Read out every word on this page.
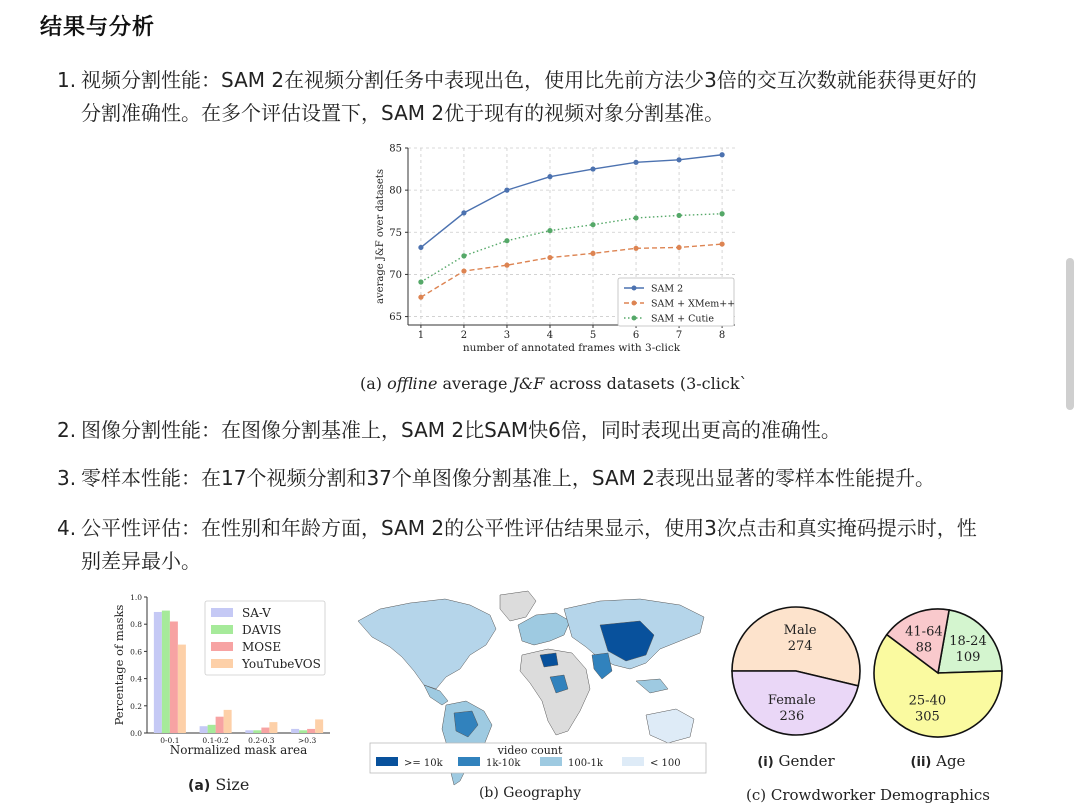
结果与分析
1. 视频分割性能：SAM 2在视频分割任务中表现出色，使用比先前方法少3倍的交互次数就能获得更好的
分割准确性。在多个评估设置下，SAM 2优于现有的视频对象分割基准。
1	2	3	4	5	6	7	8
65
70
75
80
85
number of annotated frames with 3-click
average J&F over datasets	SAM 2
SAM + XMem++
SAM + Cutie
(a) offline average J&F across datasets (3-click`
2. 图像分割性能：在图像分割基准上，SAM 2比SAM快6倍，同时表现出更高的准确性。
3. 零样本性能：在17个视频分割和37个单图像分割基准上，SAM 2表现出显著的零样本性能提升。
4. 公平性评估：在性别和年龄方面，SAM 2的公平性评估结果显示，使用3次点击和真实掩码提示时，性
别差异最小。
0.0
0.2
0.4
0.6
0.8
1.0
0-0.1	0.1-0.2	0.2-0.3	>0.3
Normalized mask area
Percentage of masks	SA-V
DAVIS
MOSE
YouTubeVOS
(a) Size
video count
>= 10k	1k-10k	100-1k	< 100
(b) Geography
Male
274
Female
236
18-24
109
25-40
305
41-64
88
(i) Gender	(ii) Age
(c) Crowdworker Demographics
